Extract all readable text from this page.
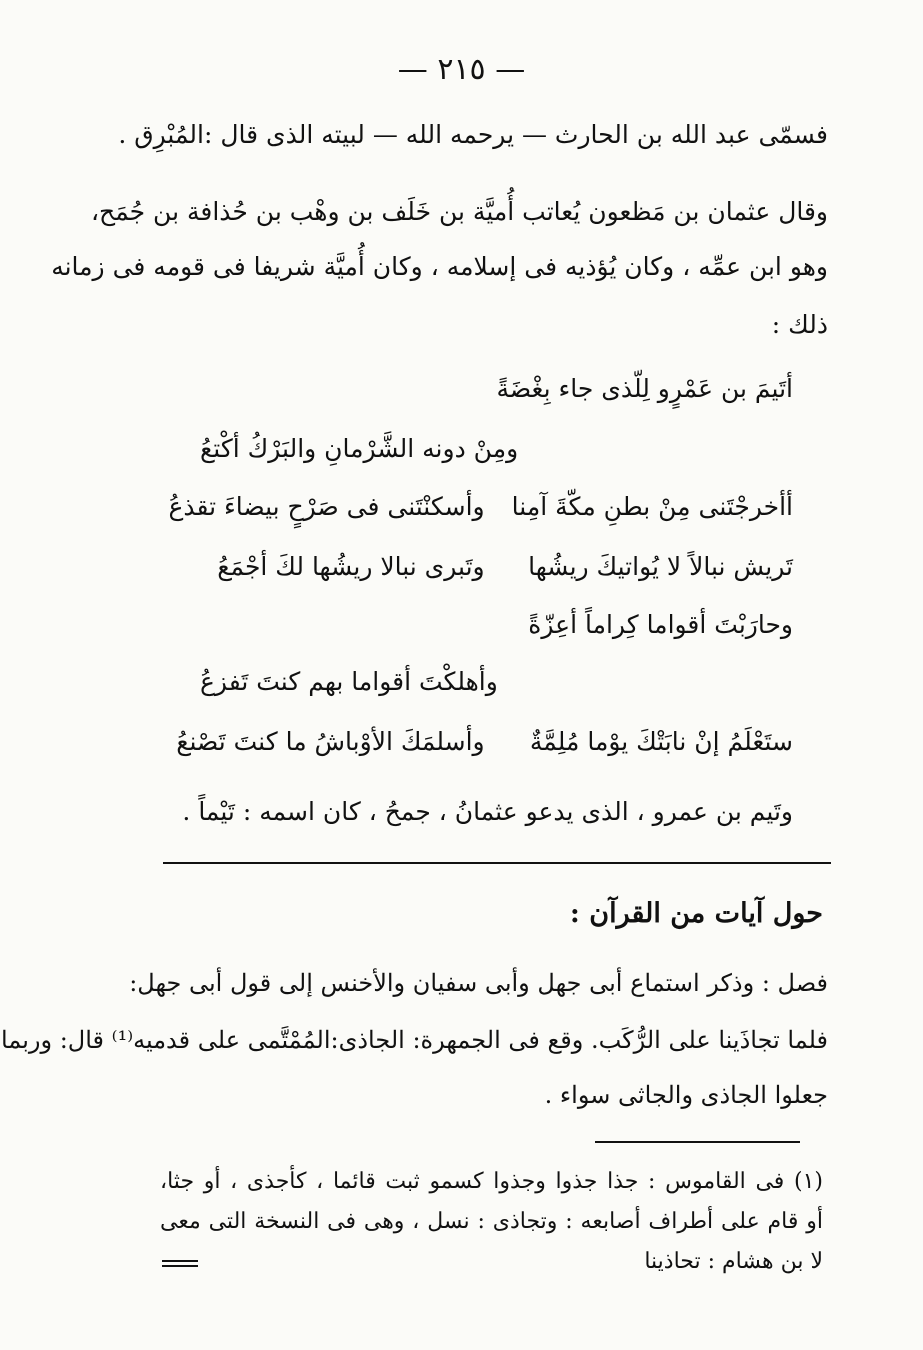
— ٢١٥ —
فسمّى عبد الله بن الحارث — يرحمه الله — لبيته الذى قال :المُبْرِق .
وقال عثمان بن مَظعون يُعاتب أُميَّة بن خَلَف بن وهْب بن حُذافة بن جُمَح،
وهو ابن عمِّه ، وكان يُؤذيه فى إسلامه ، وكان أُميَّة شريفا فى قومه فى زمانه
ذلك :
أتَيمَ بن عَمْرٍو لِلّذى جاء بِغْضَةً
ومِنْ دونه الشَّرْمانِ والبَرْكُ أكْتعُ
أأخرجْتَنى مِنْ بطنِ مكّةَ آمِنا
وأسكنْتَنى فى صَرْحٍ بيضاءَ تقذعُ
تَريش نبالاً لا يُواتيكَ ريشُها
وتَبرى نبالا ريشُها لكَ أجْمَعُ
وحارَبْتَ أقواما كِراماً أعِزّةً
وأهلكْتَ أقواما بهم كنتَ تَفزعُ
ستَعْلَمُ إنْ نابَتْكَ يوْما مُلِمَّةٌ
وأسلمَكَ الأوْباشُ ما كنتَ تَصْنعُ
وتَيم بن عمرو ، الذى يدعو عثمانُ ، جمحُ ، كان اسمه : تَيْماً .
حول آيات من القرآن :
فصل : وذكر استماع أبى جهل وأبى سفيان والأخنس إلى قول أبى جهل:
فلما تجاذَينا على الرُّكَب. وقع فى الجمهرة: الجاذى:المُمْتَّمى على قدميه⁽¹⁾ قال: وربما
جعلوا الجاذى والجاثى سواء .
(١) فى القاموس : جذا جذوا وجذوا كسمو ثبت قائما ، كأجذى ، أو جثا،
أو قام على أطراف أصابعه : وتجاذى : نسل ، وهى فى النسخة التى معى
لا بن هشام : تحاذينا
